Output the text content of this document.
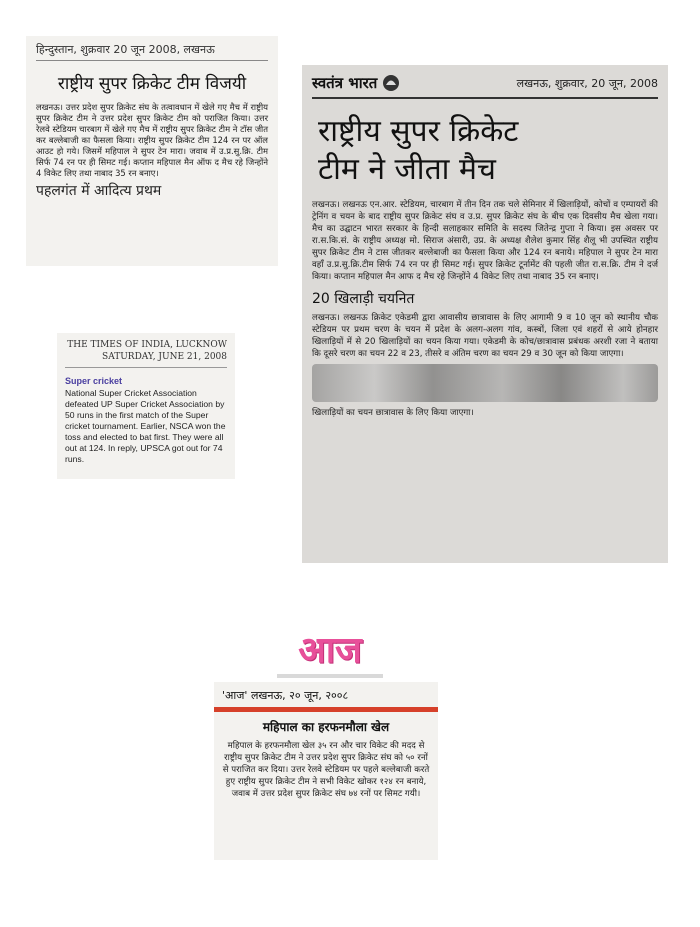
हिन्दुस्तान, शुक्रवार 20 जून 2008, लखनऊ
राष्ट्रीय सुपर क्रिकेट टीम विजयी
लखनऊ। उत्तर प्रदेश सुपर क्रिकेट संघ के तत्वावधान में खेले गए मैच में राष्ट्रीय सुपर क्रिकेट टीम ने उत्तर प्रदेश सुपर क्रिकेट टीम को पराजित किया। उत्तर रेलवे स्टेडियम चारबाग में खेले गए मैच में राष्ट्रीय सुपर क्रिकेट टीम ने टॉस जीत कर बल्लेबाजी का फैसला किया। राष्ट्रीय सुपर क्रिकेट टीम 124 रन पर ऑल आउट हो गये। जिसमें महिपाल ने सुपर टेन मारा। जवाब में उ.प्र.सु.क्रि. टीम सिर्फ 74 रन पर ही सिमट गई। कप्तान महिपाल मैन ऑफ द मैच रहे जिन्होंने 4 विकेट लिए तथा नाबाद 35 रन बनाए।
पहलगंत में आदित्य प्रथम
स्वतंत्र भारत	लखनऊ, शुक्रवार, 20 जून, 2008
राष्ट्रीय सुपर क्रिकेट
टीम ने जीता मैच
लखनऊ। लखनऊ एन.आर. स्टेडियम, चारबाग में तीन दिन तक चले सेमिनार में खिलाड़ियों, कोचों व एम्पायरों की ट्रेनिंग व चयन के बाद राष्ट्रीय सुपर क्रिकेट संघ व उ.प्र. सुपर क्रिकेट संघ के बीच एक दिवसीय मैच खेला गया। मैच का उद्घाटन भारत सरकार के हिन्दी सलाहकार समिति के सदस्य जितेन्द्र गुप्ता ने किया। इस अवसर पर रा.स.कि.सं. के राष्ट्रीय अध्यक्ष मो. सिराज अंसारी, उप्र. के अध्यक्ष शैलेश कुमार सिंह शैलू भी उपस्थित राष्ट्रीय सुपर क्रिकेट टीम ने टास जीतकर बल्लेबाजी का फैसला किया और 124 रन बनाये। महिपाल ने सुपर टेन मारा वहाँ उ.प्र.सु.क्रि.टीम सिर्फ 74 रन पर ही सिमट गई। सुपर क्रिकेट टूर्नामेंट की पहली जीत रा.स.क्रि. टीम ने दर्ज किया। कप्तान महिपाल मैन आफ द मैच रहे जिन्होंने 4 विकेट लिए तथा नाबाद 35 रन बनाए।
20 खिलाड़ी चयनित
लखनऊ। लखनऊ क्रिकेट एकेडमी द्वारा आवासीय छात्रावास के लिए आगामी 9 व 10 जून को स्थानीय चौक स्टेडियम पर प्रथम चरण के चयन में प्रदेश के अलग-अलग गांव, कस्बों, जिला एवं शहरों से आये होनहार खिलाड़ियों में से 20 खिलाड़ियों का चयन किया गया। एकेडमी के कोच/छात्रावास प्रबंधक अरशी रजा ने बताया कि दूसरे चरण का चयन 22 व 23, तीसरे व अंतिम चरण का चयन 29 व 30 जून को किया जाएगा।
खिलाड़ियों का चयन छात्रावास के लिए किया जाएगा।
THE TIMES OF INDIA, LUCKNOW
SATURDAY, JUNE 21, 2008
Super cricket
National Super Cricket Association defeated UP Super Cricket Association by 50 runs in the first match of the Super cricket tournament. Earlier, NSCA won the toss and elected to bat first. They were all out at 124. In reply, UPSCA got out for 74 runs.
आज
'आज' लखनऊ, २० जून, २००८
महिपाल का हरफनमौला खेल
महिपाल के हरफनमौला खेल ३५ रन और चार विकेट की मदद से राष्ट्रीय सुपर क्रिकेट टीम ने उत्तर प्रदेश सुपर क्रिकेट संघ को ५० रनों से पराजित कर दिया। उत्तर रेलवे स्टेडियम पर पहले बल्लेबाजी करते हुए राष्ट्रीय सुपर क्रिकेट टीम ने सभी विकेट खोकर १२४ रन बनाये, जवाब में उत्तर प्रदेश सुपर क्रिकेट संघ ७४ रनों पर सिमट गयी।
